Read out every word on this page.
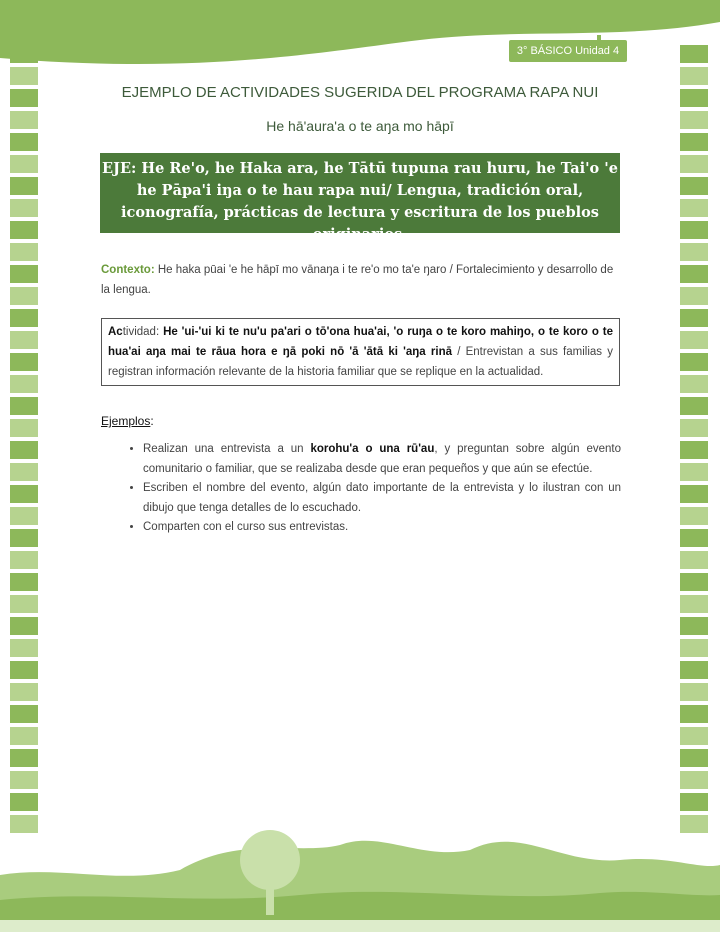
3° BÁSICO Unidad 4
EJEMPLO DE ACTIVIDADES SUGERIDA DEL PROGRAMA RAPA NUI
He hā'aura'a o te aŋa mo hāpī
EJE: He Re'o, he Haka ara, he Tātū tupuna rau huru, he Tai'o 'e he Pāpa'i iŋa o te hau rapa nui/ Lengua, tradición oral, iconografía, prácticas de lectura y escritura de los pueblos originarios.
Contexto: He haka pūai 'e he hāpī mo vānaŋa i te re'o mo ta'e ŋaro / Fortalecimiento y desarrollo de la lengua.
Actividad: He 'ui-'ui ki te nu'u pa'ari o tō'ona hua'ai, 'o ruŋa o te koro mahiŋo, o te koro o te hua'ai aŋa mai te rāua hora e ŋā poki nō 'ā 'ātā ki 'aŋa rinā / Entrevistan a sus familias y registran información relevante de la historia familiar que se replique en la actualidad.
Ejemplos:
• Realizan una entrevista a un korohu'a o una rū'au, y preguntan sobre algún evento comunitario o familiar, que se realizaba desde que eran pequeños y que aún se efectúe.
• Escriben el nombre del evento, algún dato importante de la entrevista y lo ilustran con un dibujo que tenga detalles de lo escuchado.
• Comparten con el curso sus entrevistas.
